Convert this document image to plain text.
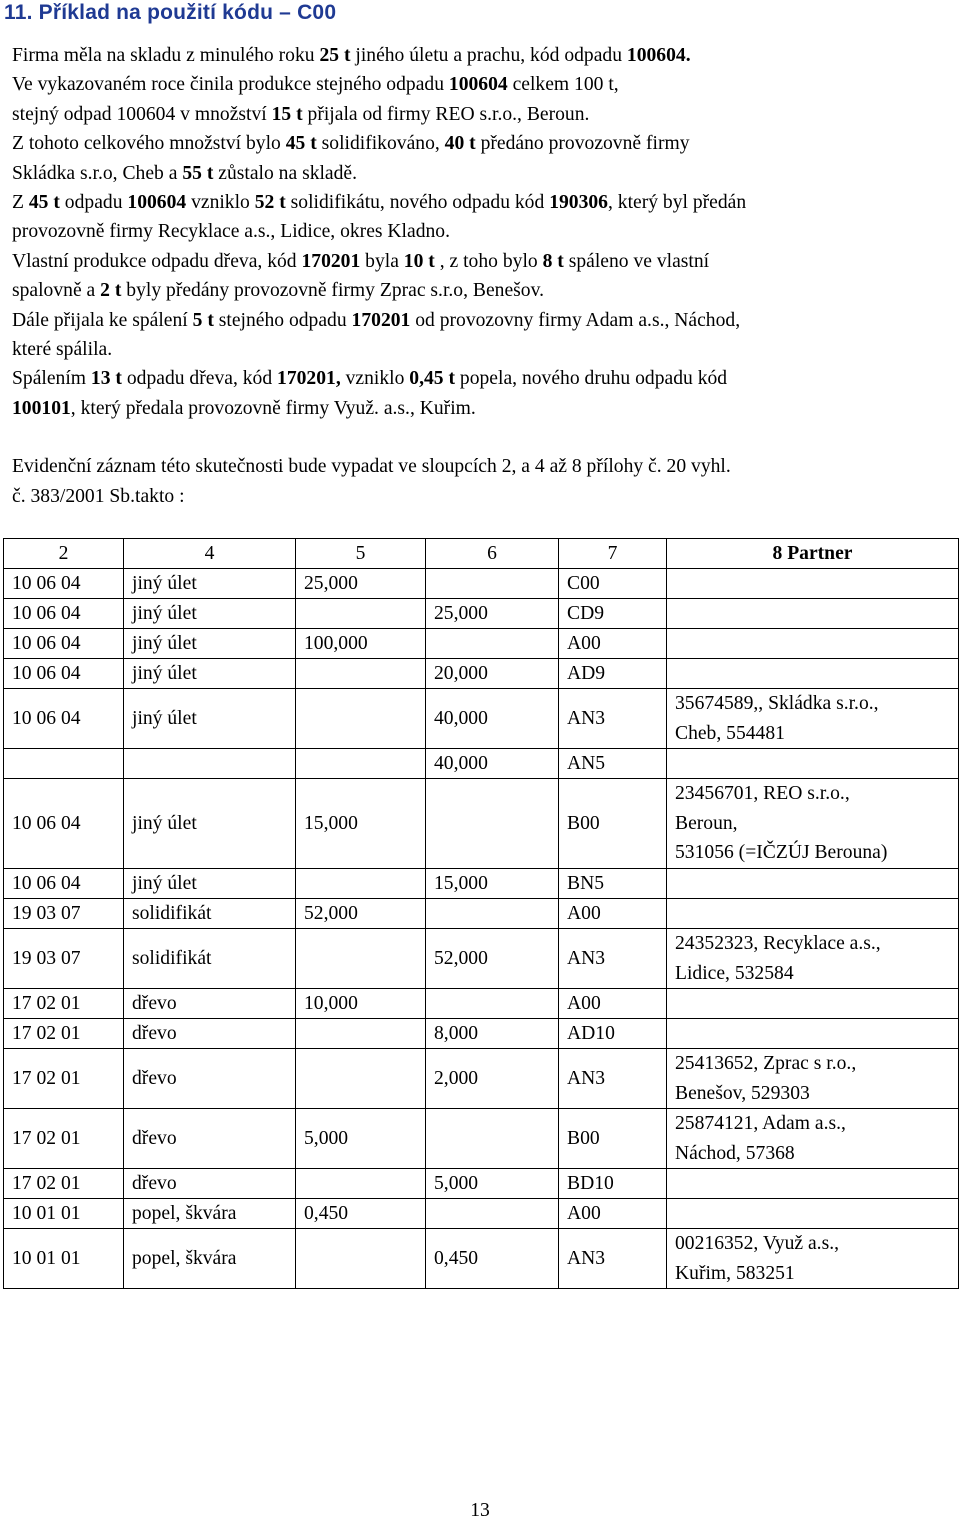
11. Příklad na použití kódu – C00
Firma měla na skladu z minulého roku 25 t jiného úletu a prachu, kód odpadu 100604.
Ve vykazovaném roce činila produkce stejného odpadu 100604 celkem 100 t,
stejný odpad 100604 v množství 15 t přijala od firmy REO s.r.o., Beroun.
Z tohoto celkového množství bylo 45 t solidifikováno, 40 t předáno provozovně firmy
Skládka s.r.o, Cheb a 55 t zůstalo na skladě.
Z 45 t odpadu 100604 vzniklo 52 t solidifikátu, nového odpadu kód 190306, který byl předán
provozovně firmy Recyklace a.s., Lidice, okres Kladno.
Vlastní produkce odpadu dřeva, kód 170201 byla 10 t , z toho bylo 8 t spáleno ve vlastní
spalovně a 2 t byly předány provozovně firmy Zprac s.r.o, Benešov.
Dále přijala ke spálení 5 t stejného odpadu 170201 od provozovny firmy Adam a.s., Náchod,
které spálila.
Spálením 13 t odpadu dřeva, kód 170201, vzniklo 0,45 t popela, nového druhu odpadu kód
100101, který předala provozovně firmy Využ. a.s., Kuřim.
Evidenční záznam této skutečnosti bude vypadat ve sloupcích 2, a 4 až 8 přílohy č. 20 vyhl.
č. 383/2001 Sb.takto :
2	4	5	6	7	8 Partner
10 06 04	jiný úlet	25,000		C00	
10 06 04	jiný úlet		25,000	CD9	
10 06 04	jiný úlet	100,000		A00	
10 06 04	jiný úlet		20,000	AD9	
10 06 04	jiný úlet		40,000	AN3	35674589,, Skládka s.r.o.,
Cheb, 554481

			40,000	AN5	
10 06 04	jiný úlet	15,000		B00	23456701, REO s.r.o.,
Beroun,
531056 (=IČZÚJ Berouna)

10 06 04	jiný úlet		15,000	BN5	
19 03 07	solidifikát	52,000		A00	
19 03 07	solidifikát		52,000	AN3	24352323, Recyklace a.s.,
Lidice, 532584

17 02 01	dřevo	10,000		A00	
17 02 01	dřevo		8,000	AD10	
17 02 01	dřevo		2,000	AN3	25413652, Zprac s r.o.,
Benešov, 529303

17 02 01	dřevo	5,000		B00	25874121, Adam a.s.,
Náchod, 57368

17 02 01	dřevo		5,000	BD10	
10 01 01	popel, škvára	0,450		A00	
10 01 01	popel, škvára		0,450	AN3	00216352, Využ a.s.,
Kuřim, 583251
13
